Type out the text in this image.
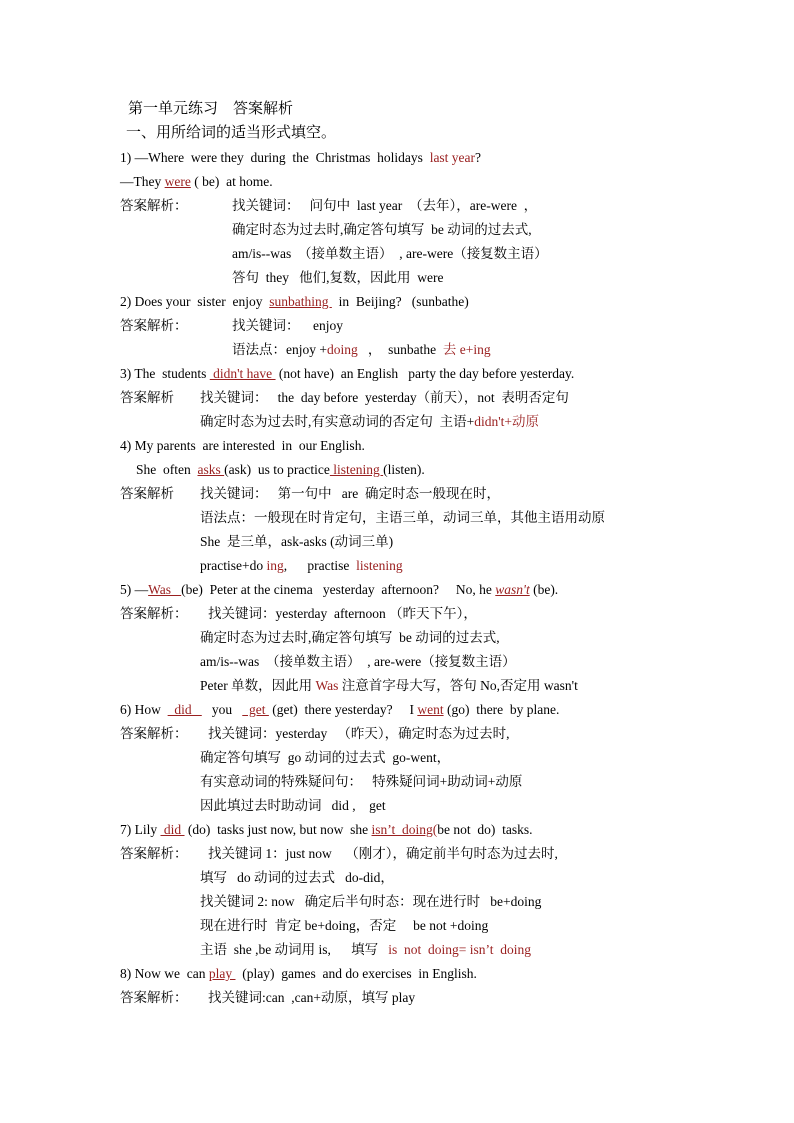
第一单元练习　答案解析
一、用所给词的适当形式填空。
1) —Where  were they  during  the  Christmas  holidays  last year?
—They were ( be)  at home.
答案解析：	找关键词：   问句中  last year  （去年），are-were  ，
确定时态为过去时,确定答句填写  be 动词的过去式,
am/is--was  （接单数主语）  , are-were（接复数主语）
答句  they   他们,复数，因此用  were
2) Does your  sister  enjoy  sunbathing   in  Beijing?   (sunbathe)
答案解析：	找关键词：    enjoy
语法点：enjoy +doing   ，  sunbathe  去 e+ing
3) The  students  didn't have  (not have)  an English   party the day before yesterday.
答案解析 找关键词：   the  day before  yesterday（前天），not  表明否定句
确定时态为过去时,有实意动词的否定句  主语+didn't+动原
4) My parents  are interested  in  our English.
She  often  asks (ask)  us to practice listening (listen).
答案解析 找关键词：   第一句中   are  确定时态一般现在时，
语法点：一般现在时肯定句，主语三单，动词三单，其他主语用动原
She  是三单，ask-asks (动词三单)
practise+do ing,      practise  listening
5) —Was   (be)  Peter at the cinema   yesterday  afternoon?     No, he wasn't (be).
答案解析： 找关键词：yesterday  afternoon （昨天下午），
确定时态为过去时,确定答句填写  be 动词的过去式,
am/is--was  （接单数主语）  , are-were（接复数主语）
Peter 单数，因此用 Was 注意首字母大写，答句 No,否定用 wasn't
6) How    did      you     get  (get)  there yesterday?     I went (go)  there  by plane.
答案解析： 找关键词：yesterday   （昨天），确定时态为过去时,
确定答句填写  go 动词的过去式  go-went，
有实意动词的特殊疑问句：   特殊疑问词+助动词+动原
因此填过去时助动词   did ,    get
7) Lily  did  (do)  tasks just now, but now  she isn’t  doing(be not  do)  tasks.
答案解析： 找关键词 1：just now    （刚才），确定前半句时态为过去时,
填写   do 动词的过去式   do-did，
找关键词 2: now   确定后半句时态：现在进行时   be+doing
现在进行时  肯定 be+doing，否定     be not +doing
主语  she ,be 动词用 is,      填写   is  not  doing= isn’t  doing
8) Now we  can play   (play)  games  and do exercises  in English.
答案解析： 找关键词:can  ,can+动原，填写 play
